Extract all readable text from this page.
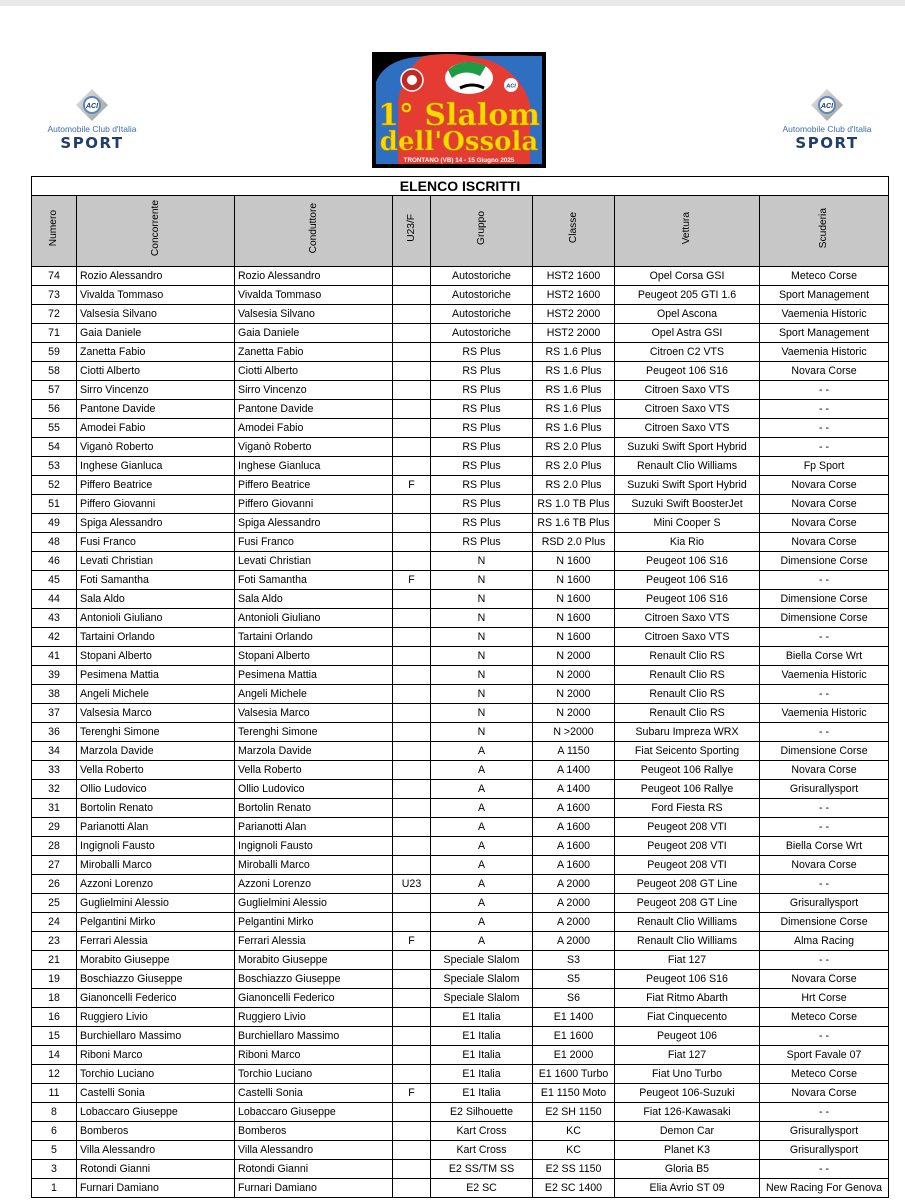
ACI
Automobile Club d'Italia
SPORT
ACI
1° Slalom
dell'Ossola
TRONTANO (VB) 14 - 15 Giugno 2025
ACI
Automobile Club d'Italia
SPORT
ELENCO ISCRITTI							
Numero	Concorrente	Conduttore	U23/F	Gruppo	Classe	Vettura	Scuderia
74	Rozio Alessandro	Rozio Alessandro		Autostoriche	HST2 1600	Opel Corsa GSI	Meteco Corse
73	Vivalda Tommaso	Vivalda Tommaso		Autostoriche	HST2 1600	Peugeot 205 GTI 1.6	Sport Management
72	Valsesia Silvano	Valsesia Silvano		Autostoriche	HST2 2000	Opel Ascona	Vaemenia Historic
71	Gaia Daniele	Gaia Daniele		Autostoriche	HST2 2000	Opel Astra GSI	Sport Management
59	Zanetta Fabio	Zanetta Fabio		RS Plus	RS 1.6 Plus	Citroen C2 VTS	Vaemenia Historic
58	Ciotti Alberto	Ciotti Alberto		RS Plus	RS 1.6 Plus	Peugeot 106 S16	Novara Corse
57	Sirro Vincenzo	Sirro Vincenzo		RS Plus	RS 1.6 Plus	Citroen Saxo VTS	- -
56	Pantone Davide	Pantone Davide		RS Plus	RS 1.6 Plus	Citroen Saxo VTS	- -
55	Amodei Fabio	Amodei Fabio		RS Plus	RS 1.6 Plus	Citroen Saxo VTS	- -
54	Viganò Roberto	Viganò Roberto		RS Plus	RS 2.0 Plus	Suzuki Swift Sport Hybrid	- -
53	Inghese Gianluca	Inghese Gianluca		RS Plus	RS 2.0 Plus	Renault Clio Williams	Fp Sport
52	Piffero Beatrice	Piffero Beatrice	F	RS Plus	RS 2.0 Plus	Suzuki Swift Sport Hybrid	Novara Corse
51	Piffero Giovanni	Piffero Giovanni		RS Plus	RS 1.0 TB Plus	Suzuki Swift BoosterJet	Novara Corse
49	Spiga Alessandro	Spiga Alessandro		RS Plus	RS 1.6 TB Plus	Mini Cooper S	Novara Corse
48	Fusi Franco	Fusi Franco		RS Plus	RSD 2.0 Plus	Kia Rio	Novara Corse
46	Levati Christian	Levati Christian		N	N 1600	Peugeot 106 S16	Dimensione Corse
45	Foti Samantha	Foti Samantha	F	N	N 1600	Peugeot 106 S16	- -
44	Sala Aldo	Sala Aldo		N	N 1600	Peugeot 106 S16	Dimensione Corse
43	Antonioli Giuliano	Antonioli Giuliano		N	N 1600	Citroen Saxo VTS	Dimensione Corse
42	Tartaini Orlando	Tartaini Orlando		N	N 1600	Citroen Saxo VTS	- -
41	Stopani Alberto	Stopani Alberto		N	N 2000	Renault Clio RS	Biella Corse Wrt
39	Pesimena Mattia	Pesimena Mattia		N	N 2000	Renault Clio RS	Vaemenia Historic
38	Angeli Michele	Angeli Michele		N	N 2000	Renault Clio RS	- -
37	Valsesia Marco	Valsesia Marco		N	N 2000	Renault Clio RS	Vaemenia Historic
36	Terenghi Simone	Terenghi Simone		N	N >2000	Subaru Impreza WRX	- -
34	Marzola Davide	Marzola Davide		A	A 1150	Fiat Seicento Sporting	Dimensione Corse
33	Vella Roberto	Vella Roberto		A	A 1400	Peugeot 106 Rallye	Novara Corse
32	Ollio Ludovico	Ollio Ludovico		A	A 1400	Peugeot 106 Rallye	Grisurallysport
31	Bortolin Renato	Bortolin Renato		A	A 1600	Ford Fiesta RS	- -
29	Parianotti Alan	Parianotti Alan		A	A 1600	Peugeot 208 VTI	- -
28	Ingignoli Fausto	Ingignoli Fausto		A	A 1600	Peugeot 208 VTI	Biella Corse Wrt
27	Miroballi Marco	Miroballi Marco		A	A 1600	Peugeot 208 VTI	Novara Corse
26	Azzoni Lorenzo	Azzoni Lorenzo	U23	A	A 2000	Peugeot 208 GT Line	- -
25	Guglielmini Alessio	Guglielmini Alessio		A	A 2000	Peugeot 208 GT Line	Grisurallysport
24	Pelgantini Mirko	Pelgantini Mirko		A	A 2000	Renault Clio Williams	Dimensione Corse
23	Ferrari Alessia	Ferrari Alessia	F	A	A 2000	Renault Clio Williams	Alma Racing
21	Morabito Giuseppe	Morabito Giuseppe		Speciale Slalom	S3	Fiat 127	- -
19	Boschiazzo Giuseppe	Boschiazzo Giuseppe		Speciale Slalom	S5	Peugeot 106 S16	Novara Corse
18	Gianoncelli Federico	Gianoncelli Federico		Speciale Slalom	S6	Fiat Ritmo Abarth	Hrt Corse
16	Ruggiero Livio	Ruggiero Livio		E1 Italia	E1 1400	Fiat Cinquecento	Meteco Corse
15	Burchiellaro Massimo	Burchiellaro Massimo		E1 Italia	E1 1600	Peugeot 106	- -
14	Riboni Marco	Riboni Marco		E1 Italia	E1 2000	Fiat 127	Sport Favale 07
12	Torchio Luciano	Torchio Luciano		E1 Italia	E1 1600 Turbo	Fiat Uno Turbo	Meteco Corse
11	Castelli Sonia	Castelli Sonia	F	E1 Italia	E1 1150 Moto	Peugeot 106-Suzuki	Novara Corse
8	Lobaccaro Giuseppe	Lobaccaro Giuseppe		E2 Silhouette	E2 SH 1150	Fiat 126-Kawasaki	- -
6	Bomberos	Bomberos		Kart Cross	KC	Demon Car	Grisurallysport
5	Villa Alessandro	Villa Alessandro		Kart Cross	KC	Planet K3	Grisurallysport
3	Rotondi Gianni	Rotondi Gianni		E2 SS/TM SS	E2 SS 1150	Gloria B5	- -
1	Furnari Damiano	Furnari Damiano		E2 SC	E2 SC 1400	Elia Avrio ST 09	New Racing For Genova
